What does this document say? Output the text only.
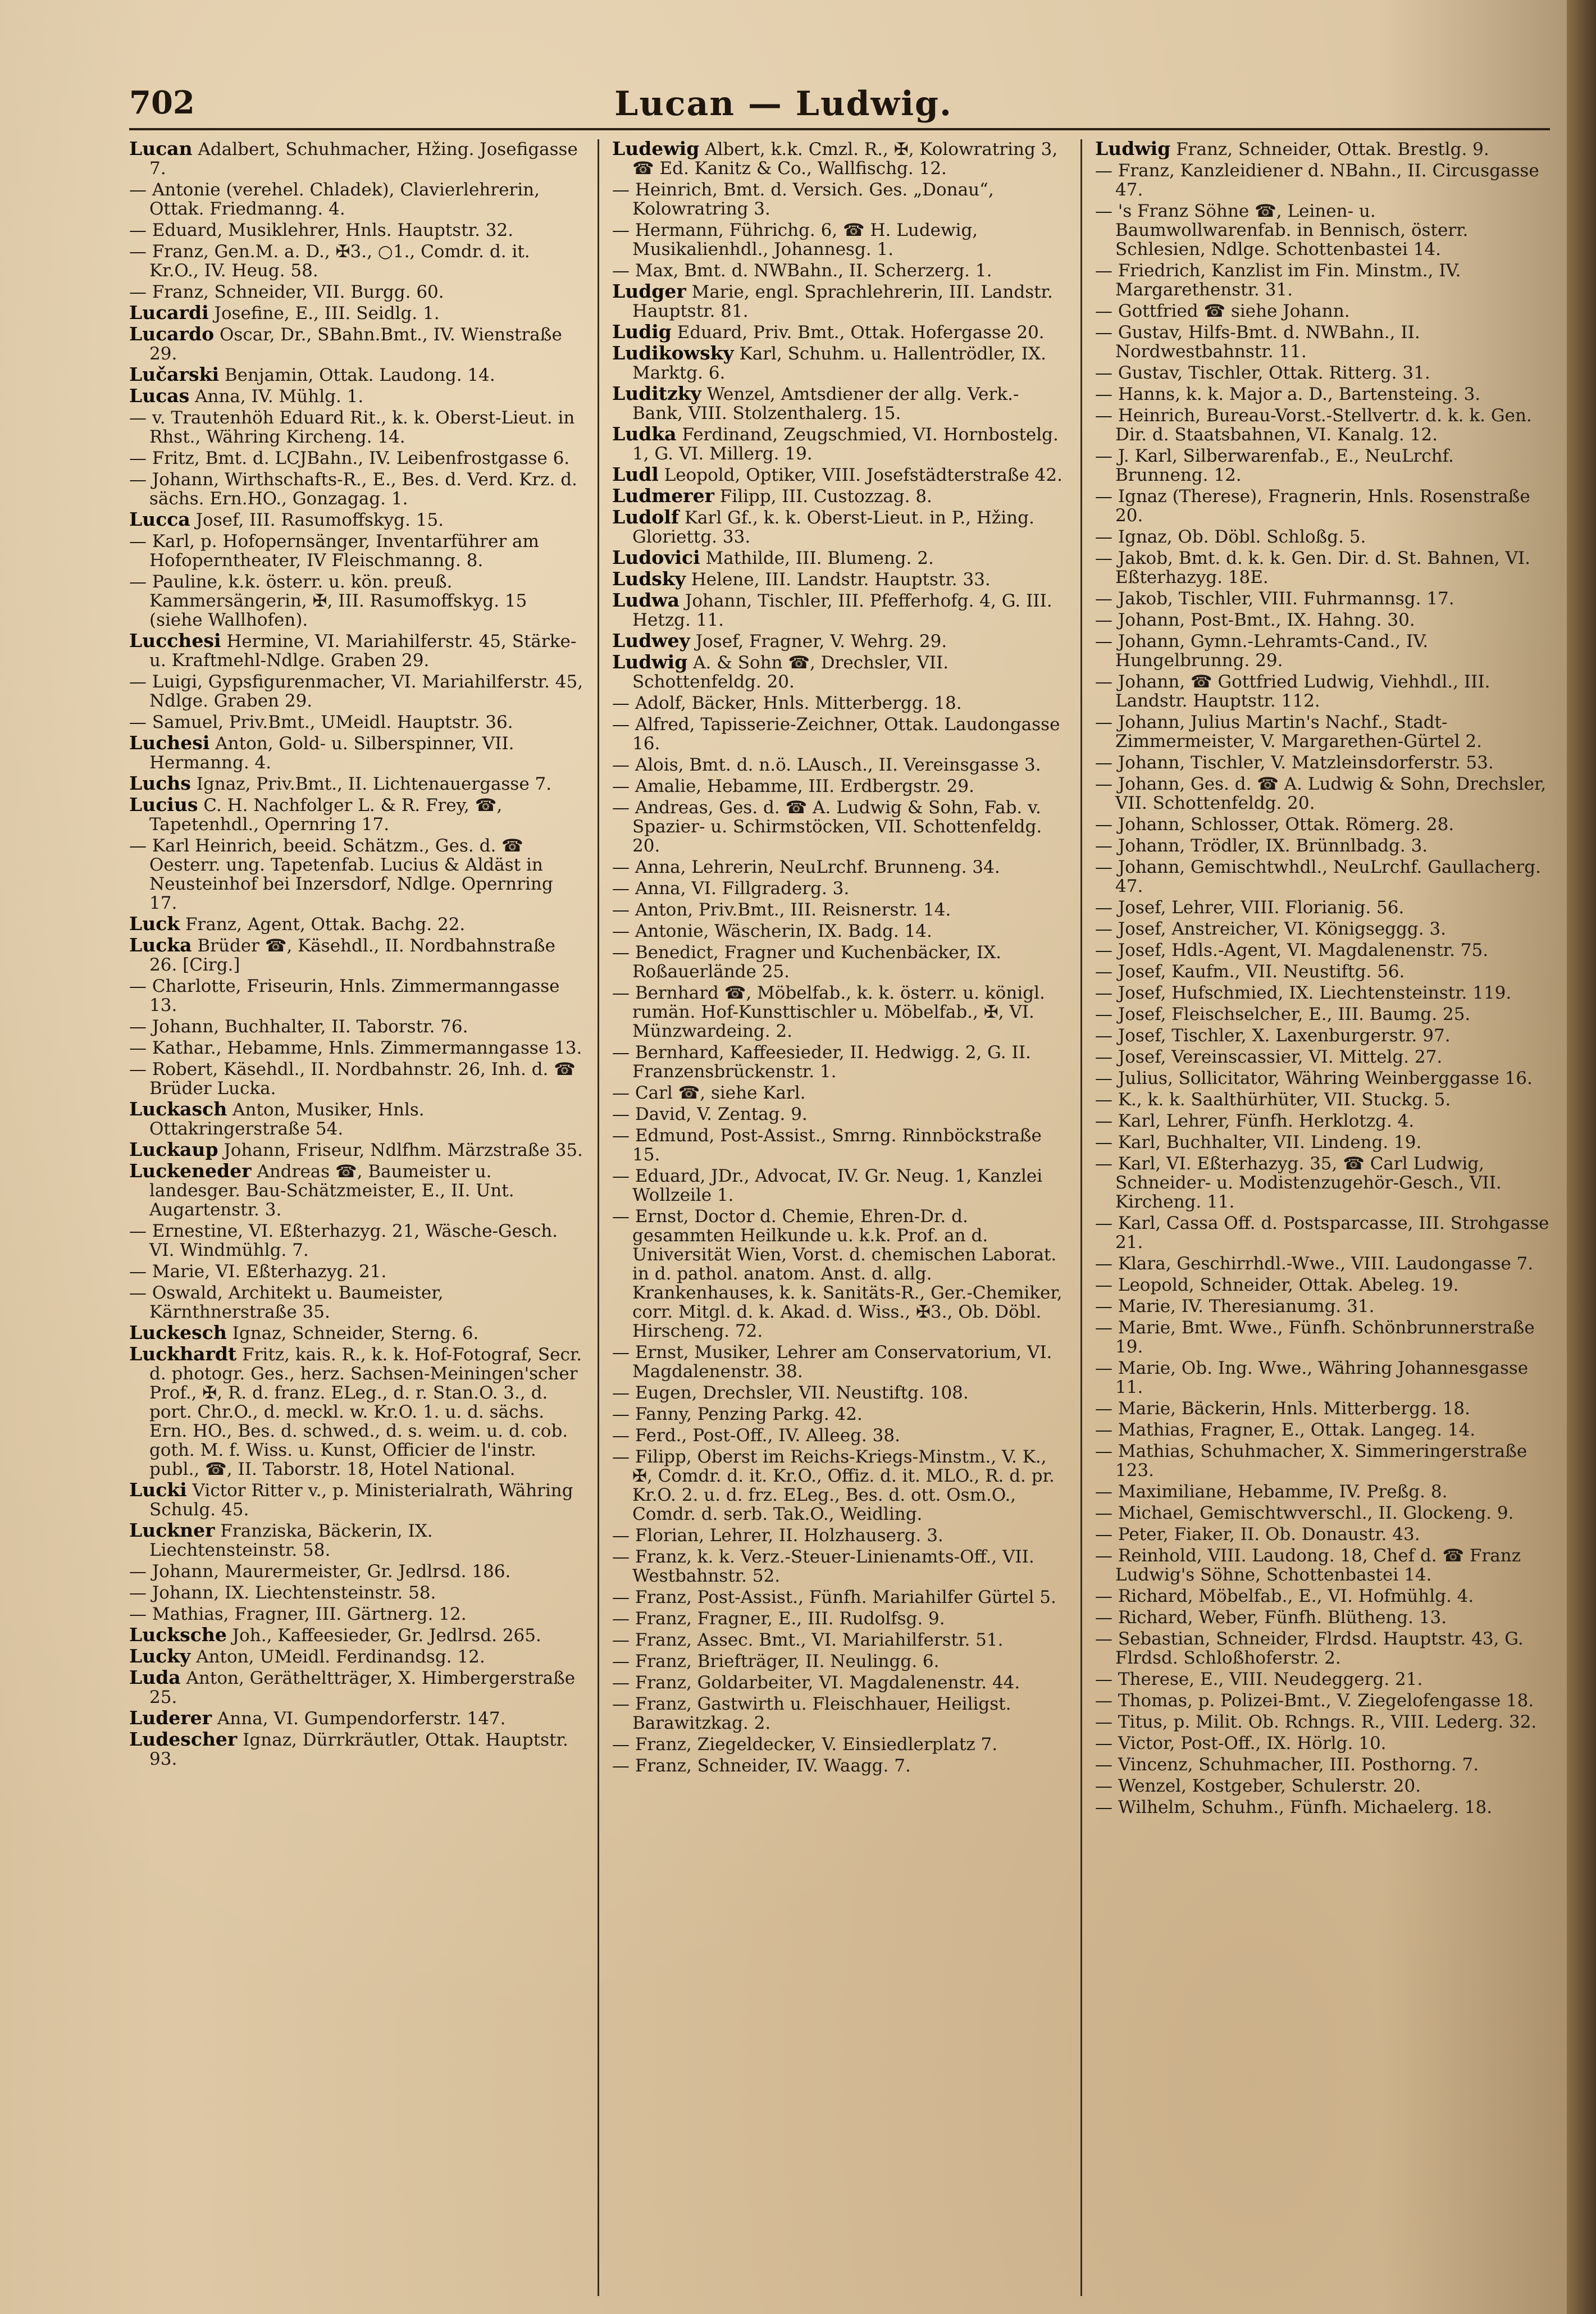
702	Lucan — Ludwig.
Lucan Adalbert, Schuhmacher, Hžing. Josefigasse 7.
— Antonie (verehel. Chladek), Clavierlehrerin, Ottak. Friedmanng. 4.
— Eduard, Musiklehrer, Hnls. Hauptstr. 32.
— Franz, Gen.M. a. D., ✠3., ○1., Comdr. d. it. Kr.O., IV. Heug. 58.
— Franz, Schneider, VII. Burgg. 60.
Lucardi Josefine, E., III. Seidlg. 1.
Lucardo Oscar, Dr., SBahn.Bmt., IV. Wienstraße 29.
Lučarski Benjamin, Ottak. Laudong. 14.
Lucas Anna, IV. Mühlg. 1.
— v. Trautenhöh Eduard Rit., k. k. Oberst-Lieut. in Rhst., Währing Kircheng. 14.
— Fritz, Bmt. d. LCJBahn., IV. Leibenfrostgasse 6.
— Johann, Wirthschafts-R., E., Bes. d. Verd. Krz. d. sächs. Ern.HO., Gonzagag. 1.
Lucca Josef, III. Rasumoffskyg. 15.
— Karl, p. Hofopernsänger, Inventarführer am Hofoperntheater, IV Fleischmanng. 8.
— Pauline, k.k. österr. u. kön. preuß. Kammersängerin, ✠, III. Rasumoffskyg. 15 (siehe Wallhofen).
Lucchesi Hermine, VI. Mariahilferstr. 45, Stärke- u. Kraftmehl-Ndlge. Graben 29.
— Luigi, Gypsfigurenmacher, VI. Mariahilferstr. 45, Ndlge. Graben 29.
— Samuel, Priv.Bmt., UMeidl. Hauptstr. 36.
Luchesi Anton, Gold- u. Silberspinner, VII. Hermanng. 4.
Luchs Ignaz, Priv.Bmt., II. Lichtenauergasse 7.
Lucius C. H. Nachfolger L. & R. Frey, ☎, Tapetenhdl., Opernring 17.
— Karl Heinrich, beeid. Schätzm., Ges. d. ☎ Oesterr. ung. Tapetenfab. Lucius & Aldäst in Neusteinhof bei Inzersdorf, Ndlge. Opernring 17.
Luck Franz, Agent, Ottak. Bachg. 22.
Lucka Brüder ☎, Käsehdl., II. Nordbahnstraße 26. [Cirg.]
— Charlotte, Friseurin, Hnls. Zimmermanngasse 13.
— Johann, Buchhalter, II. Taborstr. 76.
— Kathar., Hebamme, Hnls. Zimmermanngasse 13.
— Robert, Käsehdl., II. Nordbahnstr. 26, Inh. d. ☎ Brüder Lucka.
Luckasch Anton, Musiker, Hnls. Ottakringerstraße 54.
Luckaup Johann, Friseur, Ndlfhm. Märzstraße 35.
Luckeneder Andreas ☎, Baumeister u. landesger. Bau-Schätzmeister, E., II. Unt. Augartenstr. 3.
— Ernestine, VI. Eßterhazyg. 21, Wäsche-Gesch. VI. Windmühlg. 7.
— Marie, VI. Eßterhazyg. 21.
— Oswald, Architekt u. Baumeister, Kärnthnerstraße 35.
Luckesch Ignaz, Schneider, Sterng. 6.
Luckhardt Fritz, kais. R., k. k. Hof-Fotograf, Secr. d. photogr. Ges., herz. Sachsen-Meiningen'scher Prof., ✠, R. d. franz. ELeg., d. r. Stan.O. 3., d. port. Chr.O., d. meckl. w. Kr.O. 1. u. d. sächs. Ern. HO., Bes. d. schwed., d. s. weim. u. d. cob. goth. M. f. Wiss. u. Kunst, Officier de l'instr. publ., ☎, II. Taborstr. 18, Hotel National.
Lucki Victor Ritter v., p. Ministerialrath, Währing Schulg. 45.
Luckner Franziska, Bäckerin, IX. Liechtensteinstr. 58.
— Johann, Maurermeister, Gr. Jedlrsd. 186.
— Johann, IX. Liechtensteinstr. 58.
— Mathias, Fragner, III. Gärtnerg. 12.
Lucksche Joh., Kaffeesieder, Gr. Jedlrsd. 265.
Lucky Anton, UMeidl. Ferdinandsg. 12.
Luda Anton, Gerätheltträger, X. Himbergerstraße 25.
Luderer Anna, VI. Gumpendorferstr. 147.
Ludescher Ignaz, Dürrkräutler, Ottak. Hauptstr. 93.
Ludewig Albert, k.k. Cmzl. R., ✠, Kolowratring 3, ☎ Ed. Kanitz & Co., Wallfischg. 12.
— Heinrich, Bmt. d. Versich. Ges. „Donau“, Kolowratring 3.
— Hermann, Führichg. 6, ☎ H. Ludewig, Musikalienhdl., Johannesg. 1.
— Max, Bmt. d. NWBahn., II. Scherzerg. 1.
Ludger Marie, engl. Sprachlehrerin, III. Landstr. Hauptstr. 81.
Ludig Eduard, Priv. Bmt., Ottak. Hofergasse 20.
Ludikowsky Karl, Schuhm. u. Hallentrödler, IX. Marktg. 6.
Luditzky Wenzel, Amtsdiener der allg. Verk.-Bank, VIII. Stolzenthalerg. 15.
Ludka Ferdinand, Zeugschmied, VI. Hornbostelg. 1, G. VI. Millerg. 19.
Ludl Leopold, Optiker, VIII. Josefstädterstraße 42.
Ludmerer Filipp, III. Custozzag. 8.
Ludolf Karl Gf., k. k. Oberst-Lieut. in P., Hžing. Gloriettg. 33.
Ludovici Mathilde, III. Blumeng. 2.
Ludsky Helene, III. Landstr. Hauptstr. 33.
Ludwa Johann, Tischler, III. Pfefferhofg. 4, G. III. Hetzg. 11.
Ludwey Josef, Fragner, V. Wehrg. 29.
Ludwig A. & Sohn ☎, Drechsler, VII. Schottenfeldg. 20.
— Adolf, Bäcker, Hnls. Mitterbergg. 18.
— Alfred, Tapisserie-Zeichner, Ottak. Laudongasse 16.
— Alois, Bmt. d. n.ö. LAusch., II. Vereinsgasse 3.
— Amalie, Hebamme, III. Erdbergstr. 29.
— Andreas, Ges. d. ☎ A. Ludwig & Sohn, Fab. v. Spazier- u. Schirmstöcken, VII. Schottenfeldg. 20.
— Anna, Lehrerin, NeuLrchf. Brunneng. 34.
— Anna, VI. Fillgraderg. 3.
— Anton, Priv.Bmt., III. Reisnerstr. 14.
— Antonie, Wäscherin, IX. Badg. 14.
— Benedict, Fragner und Kuchenbäcker, IX. Roßauerlände 25.
— Bernhard ☎, Möbelfab., k. k. österr. u. königl. rumän. Hof-Kunsttischler u. Möbelfab., ✠, VI. Münzwardeing. 2.
— Bernhard, Kaffeesieder, II. Hedwigg. 2, G. II. Franzensbrückenstr. 1.
— Carl ☎, siehe Karl.
— David, V. Zentag. 9.
— Edmund, Post-Assist., Smrng. Rinnböckstraße 15.
— Eduard, JDr., Advocat, IV. Gr. Neug. 1, Kanzlei Wollzeile 1.
— Ernst, Doctor d. Chemie, Ehren-Dr. d. gesammten Heilkunde u. k.k. Prof. an d. Universität Wien, Vorst. d. chemischen Laborat. in d. pathol. anatom. Anst. d. allg. Krankenhauses, k. k. Sanitäts-R., Ger.-Chemiker, corr. Mitgl. d. k. Akad. d. Wiss., ✠3., Ob. Döbl. Hirscheng. 72.
— Ernst, Musiker, Lehrer am Conservatorium, VI. Magdalenenstr. 38.
— Eugen, Drechsler, VII. Neustiftg. 108.
— Fanny, Penzing Parkg. 42.
— Ferd., Post-Off., IV. Alleeg. 38.
— Filipp, Oberst im Reichs-Kriegs-Minstm., V. K., ✠, Comdr. d. it. Kr.O., Offiz. d. it. MLO., R. d. pr. Kr.O. 2. u. d. frz. ELeg., Bes. d. ott. Osm.O., Comdr. d. serb. Tak.O., Weidling.
— Florian, Lehrer, II. Holzhauserg. 3.
— Franz, k. k. Verz.-Steuer-Linienamts-Off., VII. Westbahnstr. 52.
— Franz, Post-Assist., Fünfh. Mariahilfer Gürtel 5.
— Franz, Fragner, E., III. Rudolfsg. 9.
— Franz, Assec. Bmt., VI. Mariahilferstr. 51.
— Franz, Briefträger, II. Neulingg. 6.
— Franz, Goldarbeiter, VI. Magdalenenstr. 44.
— Franz, Gastwirth u. Fleischhauer, Heiligst. Barawitzkag. 2.
— Franz, Ziegeldecker, V. Einsiedlerplatz 7.
— Franz, Schneider, IV. Waagg. 7.
Ludwig Franz, Schneider, Ottak. Brestlg. 9.
— Franz, Kanzleidiener d. NBahn., II. Circusgasse 47.
— 's Franz Söhne ☎, Leinen- u. Baumwollwarenfab. in Bennisch, österr. Schlesien, Ndlge. Schottenbastei 14.
— Friedrich, Kanzlist im Fin. Minstm., IV. Margarethenstr. 31.
— Gottfried ☎ siehe Johann.
— Gustav, Hilfs-Bmt. d. NWBahn., II. Nordwestbahnstr. 11.
— Gustav, Tischler, Ottak. Ritterg. 31.
— Hanns, k. k. Major a. D., Bartensteing. 3.
— Heinrich, Bureau-Vorst.-Stellvertr. d. k. k. Gen. Dir. d. Staatsbahnen, VI. Kanalg. 12.
— J. Karl, Silberwarenfab., E., NeuLrchf. Brunneng. 12.
— Ignaz (Therese), Fragnerin, Hnls. Rosenstraße 20.
— Ignaz, Ob. Döbl. Schloßg. 5.
— Jakob, Bmt. d. k. k. Gen. Dir. d. St. Bahnen, VI. Eßterhazyg. 18E.
— Jakob, Tischler, VIII. Fuhrmannsg. 17.
— Johann, Post-Bmt., IX. Hahng. 30.
— Johann, Gymn.-Lehramts-Cand., IV. Hungelbrunng. 29.
— Johann, ☎ Gottfried Ludwig, Viehhdl., III. Landstr. Hauptstr. 112.
— Johann, Julius Martin's Nachf., Stadt-Zimmermeister, V. Margarethen-Gürtel 2.
— Johann, Tischler, V. Matzleinsdorferstr. 53.
— Johann, Ges. d. ☎ A. Ludwig & Sohn, Drechsler, VII. Schottenfeldg. 20.
— Johann, Schlosser, Ottak. Römerg. 28.
— Johann, Trödler, IX. Brünnlbadg. 3.
— Johann, Gemischtwhdl., NeuLrchf. Gaullacherg. 47.
— Josef, Lehrer, VIII. Florianig. 56.
— Josef, Anstreicher, VI. Königseggg. 3.
— Josef, Hdls.-Agent, VI. Magdalenenstr. 75.
— Josef, Kaufm., VII. Neustiftg. 56.
— Josef, Hufschmied, IX. Liechtensteinstr. 119.
— Josef, Fleischselcher, E., III. Baumg. 25.
— Josef, Tischler, X. Laxenburgerstr. 97.
— Josef, Vereinscassier, VI. Mittelg. 27.
— Julius, Sollicitator, Währing Weinberggasse 16.
— K., k. k. Saalthürhüter, VII. Stuckg. 5.
— Karl, Lehrer, Fünfh. Herklotzg. 4.
— Karl, Buchhalter, VII. Lindeng. 19.
— Karl, VI. Eßterhazyg. 35, ☎ Carl Ludwig, Schneider- u. Modistenzugehör-Gesch., VII. Kircheng. 11.
— Karl, Cassa Off. d. Postsparcasse, III. Strohgasse 21.
— Klara, Geschirrhdl.-Wwe., VIII. Laudongasse 7.
— Leopold, Schneider, Ottak. Abeleg. 19.
— Marie, IV. Theresianumg. 31.
— Marie, Bmt. Wwe., Fünfh. Schönbrunnerstraße 19.
— Marie, Ob. Ing. Wwe., Währing Johannesgasse 11.
— Marie, Bäckerin, Hnls. Mitterbergg. 18.
— Mathias, Fragner, E., Ottak. Langeg. 14.
— Mathias, Schuhmacher, X. Simmeringerstraße 123.
— Maximiliane, Hebamme, IV. Preßg. 8.
— Michael, Gemischtwverschl., II. Glockeng. 9.
— Peter, Fiaker, II. Ob. Donaustr. 43.
— Reinhold, VIII. Laudong. 18, Chef d. ☎ Franz Ludwig's Söhne, Schottenbastei 14.
— Richard, Möbelfab., E., VI. Hofmühlg. 4.
— Richard, Weber, Fünfh. Blütheng. 13.
— Sebastian, Schneider, Flrdsd. Hauptstr. 43, G. Flrdsd. Schloßhoferstr. 2.
— Therese, E., VIII. Neudeggerg. 21.
— Thomas, p. Polizei-Bmt., V. Ziegelofengasse 18.
— Titus, p. Milit. Ob. Rchngs. R., VIII. Lederg. 32.
— Victor, Post-Off., IX. Hörlg. 10.
— Vincenz, Schuhmacher, III. Posthorng. 7.
— Wenzel, Kostgeber, Schulerstr. 20.
— Wilhelm, Schuhm., Fünfh. Michaelerg. 18.
